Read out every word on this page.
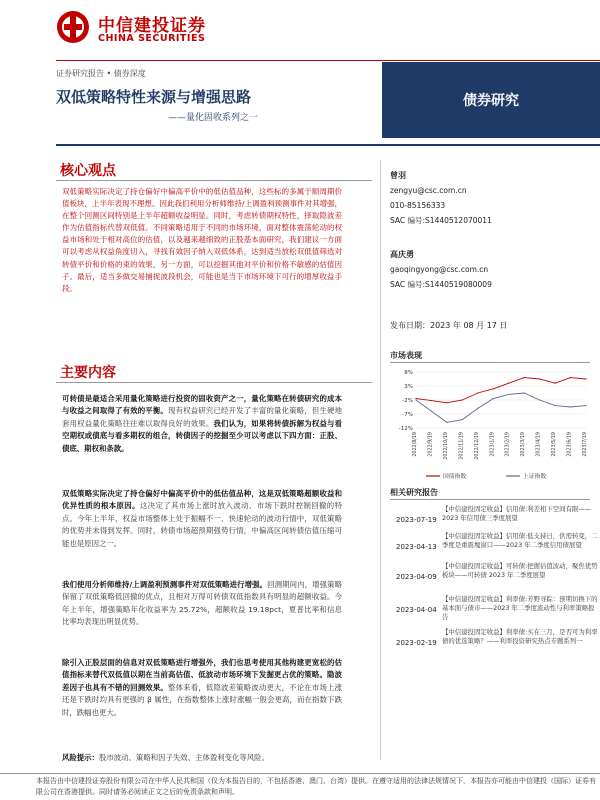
中信建投证券
CHINA SECURITIES
证券研究报告 • 债券深度
双低策略特性来源与增强思路
——量化固收系列之一
债券研究
核心观点
双低策略实际决定了持仓偏好中偏高平价中的低估值品种，这些标的多属于顺周期价值板块，上半年表现不理想。因此我们利用分析师维持/上调盈利预测事件对其增强，在整个回测区间特别是上半年超额收益明显。同时，考虑转债期权特性，择取隐波差作为估值指标代替双低值。不同策略适用于不同的市场环境，面对整体震荡轮动的权益市场和处于相对高位的估值，以及越来越细致的正股基本面研究，我们建议一方面可以考虑从权益角度切入，寻找有效因子纳入双低体系，达到适当放松双低值筛选对转债平价和价格的束的效果，另一方面，可以挖掘其他对平价和价格不敏感的估值因子。最后，适当多做交易捕捉波段机会，可能也是当下市场环境下可行的增厚收益手段。
主要内容
可转债是最适合采用量化策略进行投资的固收资产之一，量化策略在转债研究的成本与收益之间取得了有效的平衡。现有权益研究已经开发了丰富的量化策略，但生硬地套用权益量化策略往往难以取得良好的效果。我们认为，如果将转债拆解为权益与看空期权或债底与看多期权的组合，转债因子的挖掘至少可以考虑以下四方面：正股、债底、期权和条款。
双低策略实际决定了持仓偏好中偏高平价中的低估值品种，这是双低策略超额收益和优异性质的根本原因。这决定了其市场上涨时放入波动、市场下跌时控制回撤的特点。今年上半年，权益市场整体上处于振幅不一、快速轮动的波动行情中，双低策略的优势并未得到发挥。同时，转债市场超预期强势行情，中偏高区间转债估值压缩可能也是原因之一。
我们使用分析师维持/上调盈利预测事件对双低策略进行增强。回测期间内，增强策略保留了双低策略低回撤的优点，且相对万得可转债双低指数具有明显的超额收益。今年上半年，增强策略年化收益率为 25.72%，超额收益 19.18pct，夏普比率和信息比率均表现出明显优势。
除引入正股层面的信息对双低策略进行增强外，我们也思考使用其他构建更宽松的估值指标来替代双低值以期在当前高估值、低波动市场环境下发掘更占优的策略。隐波差因子也具有不错的回测效果。整体来看，低隐波差策略波动更大，不论在市场上涨还是下跌时均具有更强的 β 属性，在指数整体上涨时涨幅一般会更高，而在指数下跌时，跌幅也更大。
风险提示：股市波动、策略和因子失效、主体盈利变化等风险。
曾羽
zengyu@csc.com.cn
010-85156333
SAC 编号:S1440512070011
高庆勇
gaoqingyong@csc.com.cn
SAC 编号:S1440519080009
发布日期：2023 年 08 月 17 日
市场表现
8%
3%
-2%
-7%
-12%
2022/8/19 2022/9/19 2022/10/19 2022/11/19 2022/12/19 2023/1/19 2023/2/19 2023/3/19 2023/4/19 2023/5/19 2023/6/19 2023/7/19
国债指数	上证指数
相关研究报告
2023-07-19
【中信建投固定收益】信用债:利差相下空间有限——2023 年信用债三季度展望
2023-04-13
【中信建投固定收益】信用债:低支持日，供需转变，二季度是重震塊窗口——2023 年二季度信用债展望
2023-04-09
【中信建投固定收益】可转债:把握估值波动，聚焦优势板块——可转债 2023 年二季度展望
2023-04-04
【中信建投固定收益】利率债:芳野寻踪：预期切换下的基本面与债市——2023 年二季度流动性与利率策略报告
2023-02-19
【中信建投固定收益】利率债:买在三月，是否可为利率债的优选策略？——利率投资研究热点专题系列一
本报告由中信建投证券股份有限公司在中华人民共和国（仅为本报告目的，不包括香港、澳门、台湾）提供。在遵守适用的法律法规情况下，本报告亦可能由中信建投（国际）证券有限公司在香港提供。同时请务必阅读正文之后的免责条款和声明。
